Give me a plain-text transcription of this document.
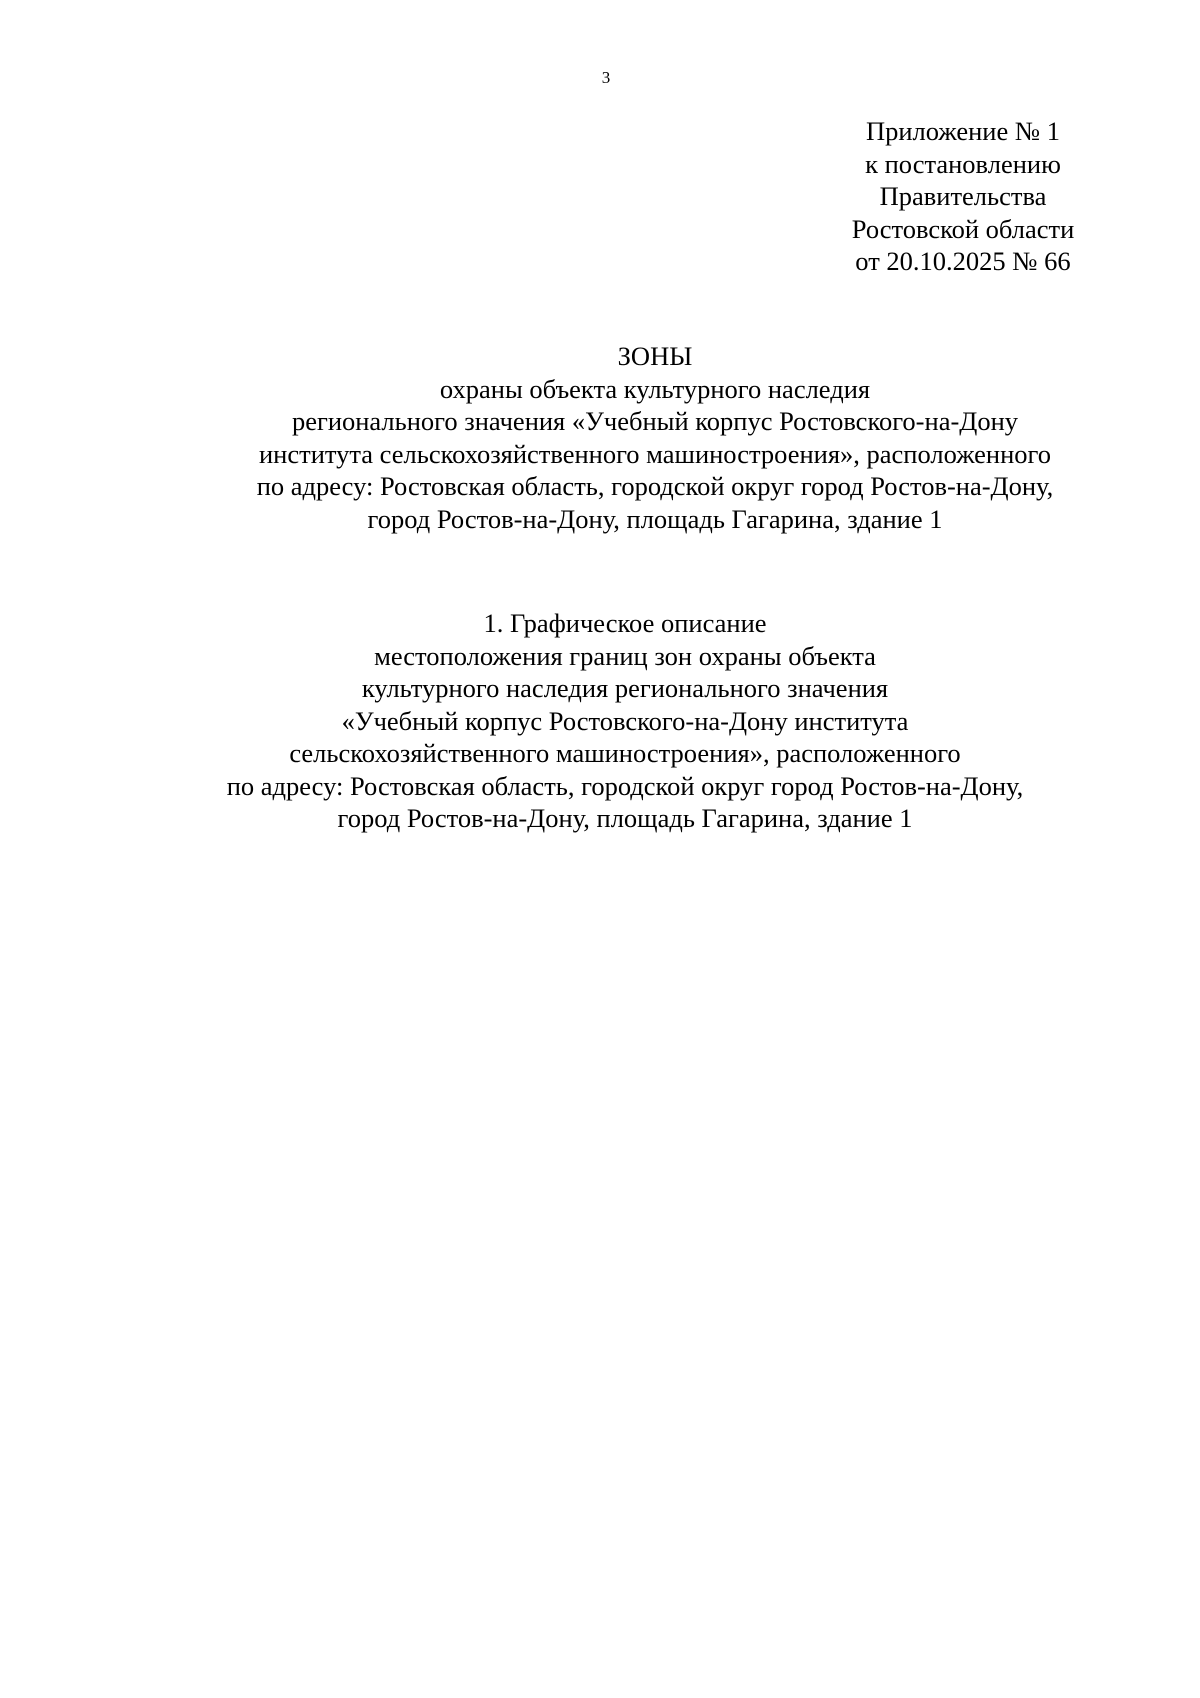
3
Приложение № 1
к постановлению
Правительства
Ростовской области
от 20.10.2025 № 66
ЗОНЫ
охраны объекта культурного наследия
регионального значения «Учебный корпус Ростовского-на-Дону
института сельскохозяйственного машиностроения», расположенного
по адресу: Ростовская область, городской округ город Ростов-на-Дону,
город Ростов-на-Дону, площадь Гагарина, здание 1
1. Графическое описание
местоположения границ зон охраны объекта
культурного наследия регионального значения
«Учебный корпус Ростовского-на-Дону института
сельскохозяйственного машиностроения», расположенного
по адресу: Ростовская область, городской округ город Ростов-на-Дону,
город Ростов-на-Дону, площадь Гагарина, здание 1
